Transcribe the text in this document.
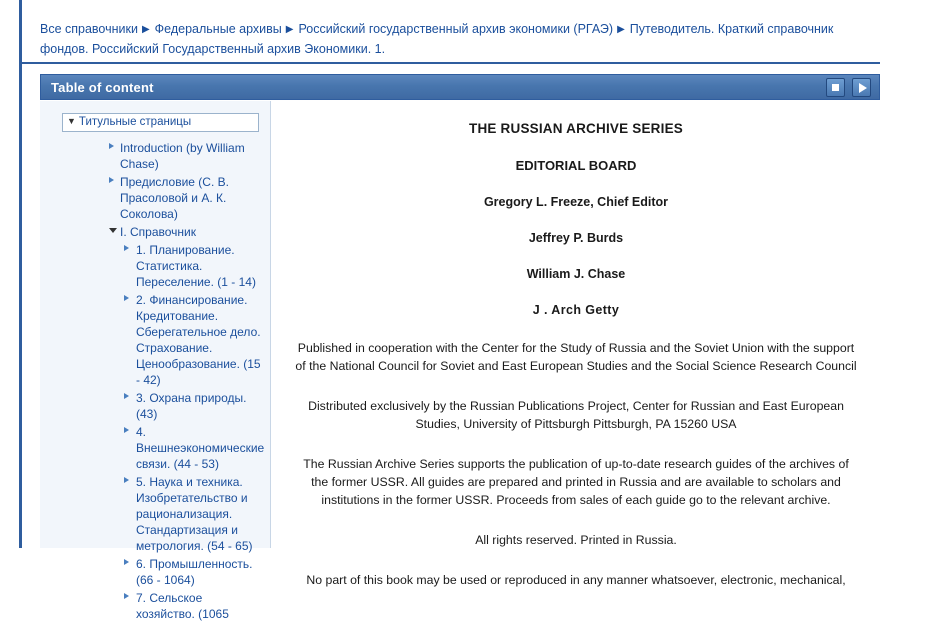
Все справочники ▶ Федеральные архивы ▶ Российский государственный архив экономики (РГАЭ) ▶ Путеводитель. Краткий справочник фондов. Российский Государственный архив Экономики. 1.
Table of content
▼ Титульные страницы
Introduction (by William Chase)
Предисловие (С. В. Прасоловой и А. К. Соколова)
I. Справочник
1. Планирование. Статистика. Переселение. (1 - 14)
2. Финансирование. Кредитование. Сберегательное дело. Страхование. Ценообразование. (15 - 42)
3. Охрана природы. (43)
4. Внешнеэкономические связи. (44 - 53)
5. Наука и техника. Изобретательство и рационализация. Стандартизация и метрология. (54 - 65)
6. Промышленность. (66 - 1064)
7. Сельское хозяйство. (1065
THE RUSSIAN ARCHIVE SERIES
EDITORIAL BOARD
Gregory L. Freeze, Chief Editor
Jeffrey P. Burds
William J. Chase
J . Arch Getty
Published in cooperation with the Center for the Study of Russia and the Soviet Union with the support of the National Council for Soviet and East European Studies and the Social Science Research Council
Distributed exclusively by the Russian Publications Project, Center for Russian and East European Studies, University of Pittsburgh Pittsburgh, PA 15260 USA
The Russian Archive Series supports the publication of up-to-date research guides of the archives of the former USSR. All guides are prepared and printed in Russia and are available to scholars and institutions in the former USSR. Proceeds from sales of each guide go to the relevant archive.
All rights reserved. Printed in Russia.
No part of this book may be used or reproduced in any manner whatsoever, electronic, mechanical,
